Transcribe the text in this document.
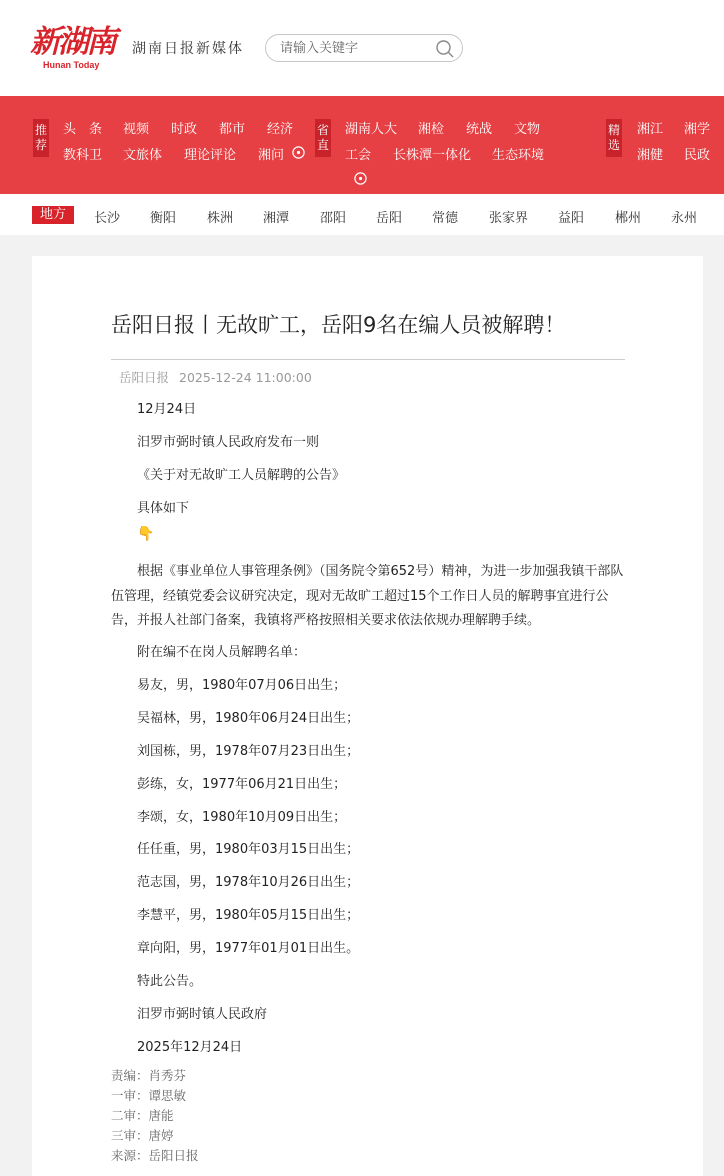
新湖南
Hunan Today
湖南日报新媒体
请输入关键字
推荐
头　条 视频 时政 都市 经济
教科卫 文旅体 理论评论 湘问
省直
湖南人大 湘检 统战 文物
工会 长株潭一体化 生态环境
精选
湘江 湘学
湘健 民政
地方	长沙 衡阳 株洲 湘潭 邵阳 岳阳 常德 张家界 益阳 郴州 永州
岳阳日报丨无故旷工，岳阳9名在编人员被解聘！
岳阳日报 2025-12-24 11:00:00
12月24日
汨罗市弼时镇人民政府发布一则
《关于对无故旷工人员解聘的公告》
具体如下
👇
根据《事业单位人事管理条例》（国务院令第652号）精神，为进一步加强我镇干部队伍管理，经镇党委会议研究决定，现对无故旷工超过15个工作日人员的解聘事宜进行公告，并报人社部门备案，我镇将严格按照相关要求依法依规办理解聘手续。
附在编不在岗人员解聘名单：
易友，男，1980年07月06日出生；
吴福林，男，1980年06月24日出生；
刘国栋，男，1978年07月23日出生；
彭练，女，1977年06月21日出生；
李颂，女，1980年10月09日出生；
任任重，男，1980年03月15日出生；
范志国，男，1978年10月26日出生；
李慧平，男，1980年05月15日出生；
章向阳，男，1977年01月01日出生。
特此公告。
汨罗市弼时镇人民政府
2025年12月24日
责编：肖秀芬
一审：谭思敏
二审：唐能
三审：唐婷
来源：岳阳日报
